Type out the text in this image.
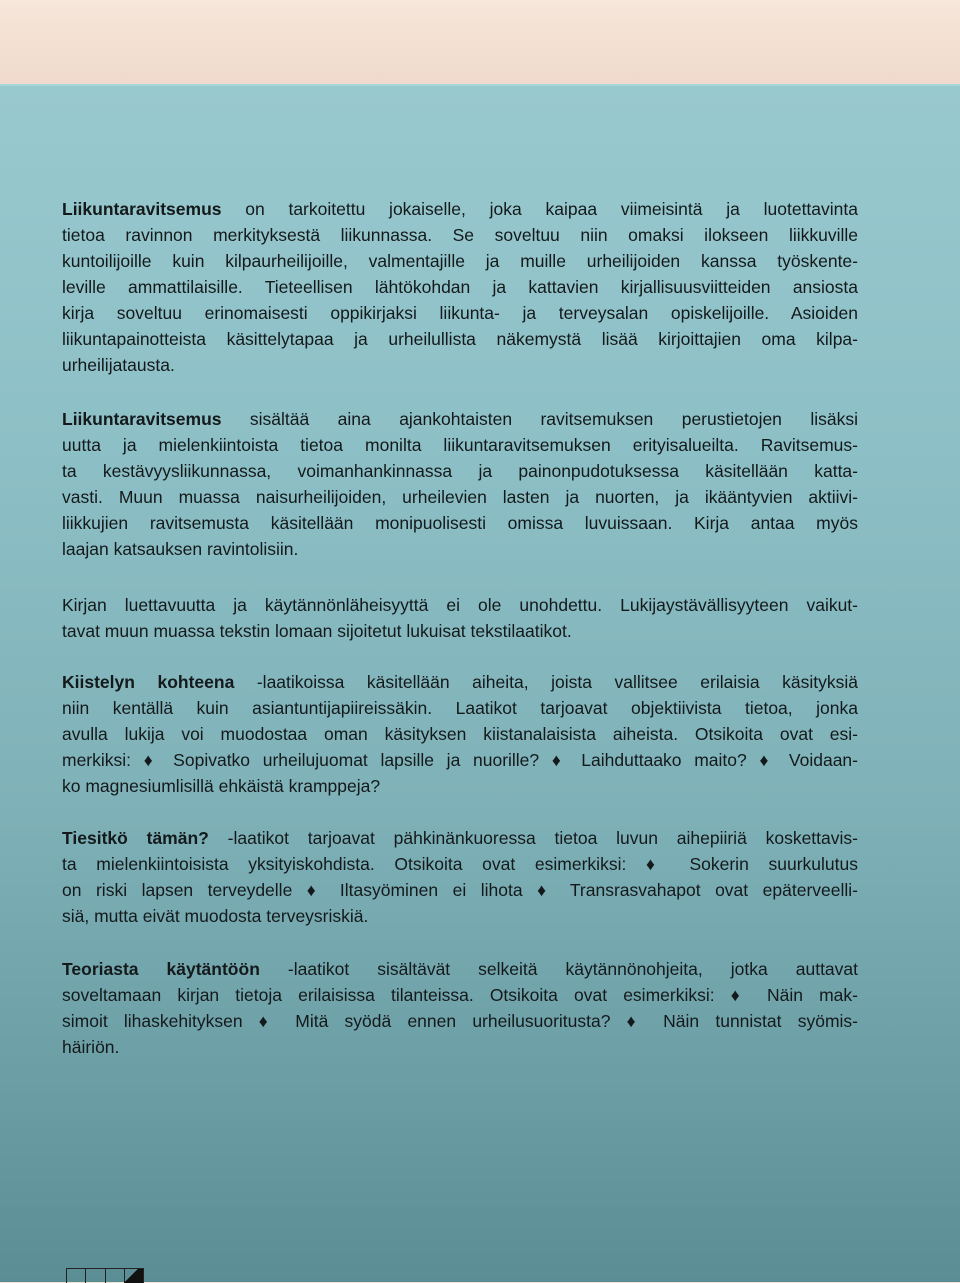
Liikuntaravitsemus on tarkoitettu jokaiselle, joka kaipaa viimeisintä ja luotettavinta
tietoa ravinnon merkityksestä liikunnassa. Se soveltuu niin omaksi ilokseen liikkuville
kuntoilijoille kuin kilpaurheilijoille, valmentajille ja muille urheilijoiden kanssa työskente-
leville ammattilaisille. Tieteellisen lähtökohdan ja kattavien kirjallisuusviitteiden ansiosta
kirja soveltuu erinomaisesti oppikirjaksi liikunta- ja terveysalan opiskelijoille. Asioiden
liikuntapainotteista käsittelytapaa ja urheilullista näkemystä lisää kirjoittajien oma kilpa-
urheilijatausta.
Liikuntaravitsemus sisältää aina ajankohtaisten ravitsemuksen perustietojen lisäksi
uutta ja mielenkiintoista tietoa monilta liikuntaravitsemuksen erityisalueilta. Ravitsemus-
ta kestävyysliikunnassa, voimanhankinnassa ja painonpudotuksessa käsitellään katta-
vasti. Muun muassa naisurheilijoiden, urheilevien lasten ja nuorten, ja ikääntyvien aktiivi-
liikkujien ravitsemusta käsitellään monipuolisesti omissa luvuissaan. Kirja antaa myös
laajan katsauksen ravintolisiin.
Kirjan luettavuutta ja käytännönläheisyyttä ei ole unohdettu. Lukijaystävällisyyteen vaikut-
tavat muun muassa tekstin lomaan sijoitetut lukuisat tekstilaatikot.
Kiistelyn kohteena -laatikoissa käsitellään aiheita, joista vallitsee erilaisia käsityksiä
niin kentällä kuin asiantuntijapiireissäkin. Laatikot tarjoavat objektiivista tietoa, jonka
avulla lukija voi muodostaa oman käsityksen kiistanalaisista aiheista. Otsikoita ovat esi-
merkiksi: ♦ Sopivatko urheilujuomat lapsille ja nuorille? ♦ Laihduttaako maito? ♦ Voidaan-
ko magnesiumlisillä ehkäistä kramppeja?
Tiesitkö tämän? -laatikot tarjoavat pähkinänkuoressa tietoa luvun aihepiiriä koskettavis-
ta mielenkiintoisista yksityiskohdista. Otsikoita ovat esimerkiksi: ♦ Sokerin suurkulutus
on riski lapsen terveydelle ♦ Iltasyöminen ei lihota ♦ Transrasvahapot ovat epäterveelli-
siä, mutta eivät muodosta terveysriskiä.
Teoriasta käytäntöön -laatikot sisältävät selkeitä käytännönohjeita, jotka auttavat
soveltamaan kirjan tietoja erilaisissa tilanteissa. Otsikoita ovat esimerkiksi: ♦ Näin mak-
simoit lihaskehityksen ♦ Mitä syödä ennen urheilusuoritusta? ♦ Näin tunnistat syömis-
häiriön.
